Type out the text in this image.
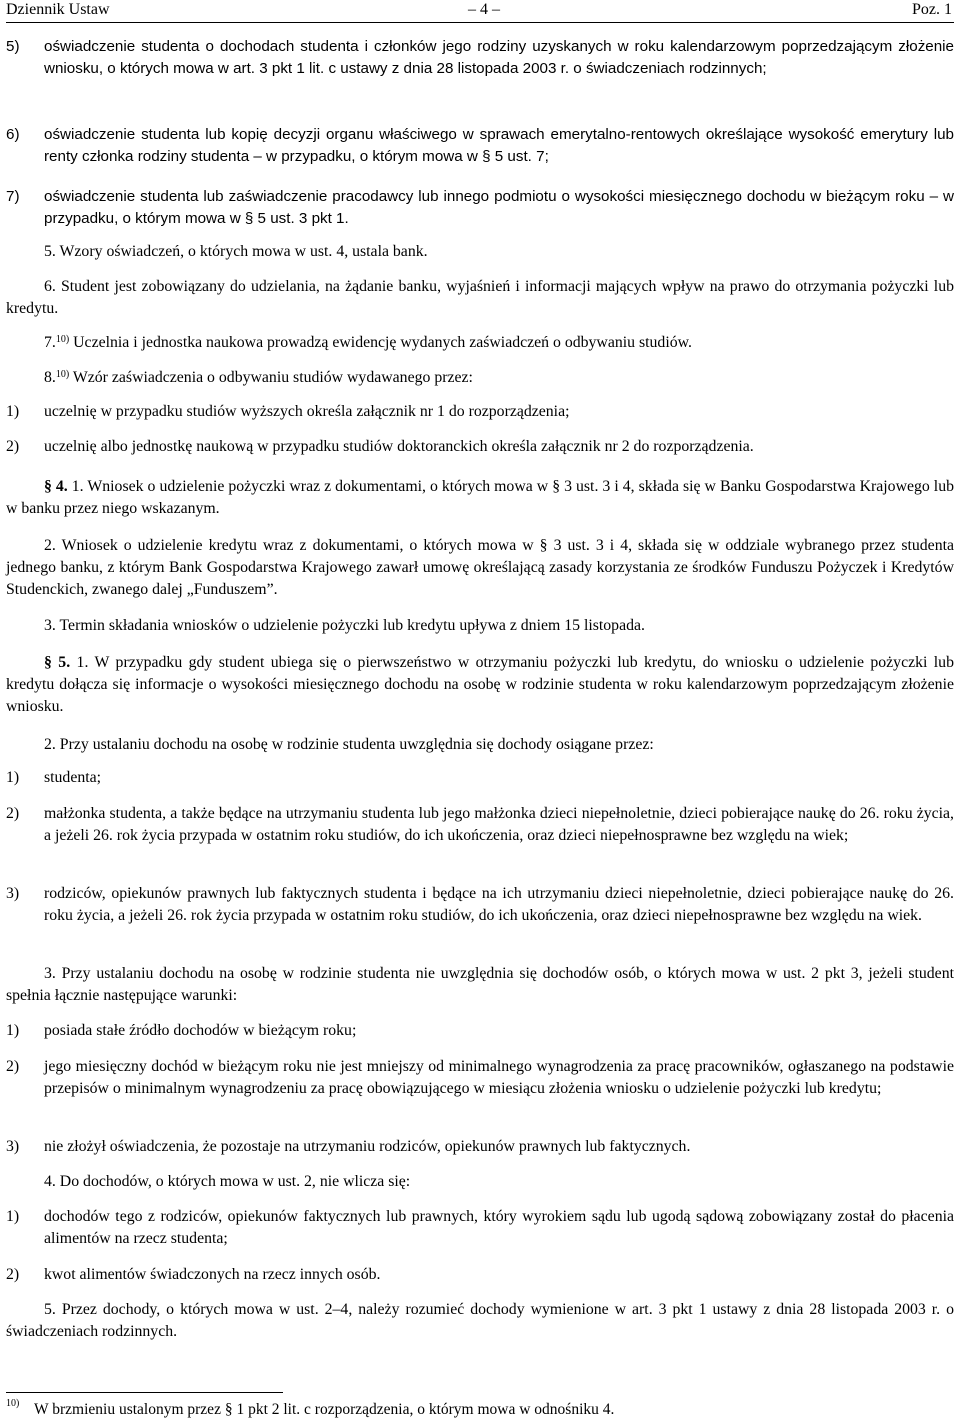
Dziennik Ustaw	– 4 –	Poz. 1
5) oświadczenie studenta o dochodach studenta i członków jego rodziny uzyskanych w roku kalendarzowym poprzedzającym złożenie wniosku, o których mowa w art. 3 pkt 1 lit. c ustawy z dnia 28 listopada 2003 r. o świadczeniach rodzinnych;
6) oświadczenie studenta lub kopię decyzji organu właściwego w sprawach emerytalno-rentowych określające wysokość emerytury lub renty członka rodziny studenta – w przypadku, o którym mowa w § 5 ust. 7;
7) oświadczenie studenta lub zaświadczenie pracodawcy lub innego podmiotu o wysokości miesięcznego dochodu w bieżącym roku – w przypadku, o którym mowa w § 5 ust. 3 pkt 1.
5. Wzory oświadczeń, o których mowa w ust. 4, ustala bank.
6. Student jest zobowiązany do udzielania, na żądanie banku, wyjaśnień i informacji mających wpływ na prawo do otrzymania pożyczki lub kredytu.
7.$^{10)}$ Uczelnia i jednostka naukowa prowadzą ewidencję wydanych zaświadczeń o odbywaniu studiów.
8.$^{10)}$ Wzór zaświadczenia o odbywaniu studiów wydawanego przez:
1) uczelnię w przypadku studiów wyższych określa załącznik nr 1 do rozporządzenia;
2) uczelnię albo jednostkę naukową w przypadku studiów doktoranckich określa załącznik nr 2 do rozporządzenia.
§ 4. 1. Wniosek o udzielenie pożyczki wraz z dokumentami, o których mowa w § 3 ust. 3 i 4, składa się w Banku Gospodarstwa Krajowego lub w banku przez niego wskazanym.
2. Wniosek o udzielenie kredytu wraz z dokumentami, o których mowa w § 3 ust. 3 i 4, składa się w oddziale wybranego przez studenta jednego banku, z którym Bank Gospodarstwa Krajowego zawarł umowę określającą zasady korzystania ze środków Funduszu Pożyczek i Kredytów Studenckich, zwanego dalej „Funduszem”.
3. Termin składania wniosków o udzielenie pożyczki lub kredytu upływa z dniem 15 listopada.
§ 5. 1. W przypadku gdy student ubiega się o pierwszeństwo w otrzymaniu pożyczki lub kredytu, do wniosku o udzielenie pożyczki lub kredytu dołącza się informacje o wysokości miesięcznego dochodu na osobę w rodzinie studenta w roku kalendarzowym poprzedzającym złożenie wniosku.
2. Przy ustalaniu dochodu na osobę w rodzinie studenta uwzględnia się dochody osiągane przez:
1) studenta;
2) małżonka studenta, a także będące na utrzymaniu studenta lub jego małżonka dzieci niepełnoletnie, dzieci pobierające naukę do 26. roku życia, a jeżeli 26. rok życia przypada w ostatnim roku studiów, do ich ukończenia, oraz dzieci niepełnosprawne bez względu na wiek;
3) rodziców, opiekunów prawnych lub faktycznych studenta i będące na ich utrzymaniu dzieci niepełnoletnie, dzieci pobierające naukę do 26. roku życia, a jeżeli 26. rok życia przypada w ostatnim roku studiów, do ich ukończenia, oraz dzieci niepełnosprawne bez względu na wiek.
3. Przy ustalaniu dochodu na osobę w rodzinie studenta nie uwzględnia się dochodów osób, o których mowa w ust. 2 pkt 3, jeżeli student spełnia łącznie następujące warunki:
1) posiada stałe źródło dochodów w bieżącym roku;
2) jego miesięczny dochód w bieżącym roku nie jest mniejszy od minimalnego wynagrodzenia za pracę pracowników, ogłaszanego na podstawie przepisów o minimalnym wynagrodzeniu za pracę obowiązującego w miesiącu złożenia wniosku o udzielenie pożyczki lub kredytu;
3) nie złożył oświadczenia, że pozostaje na utrzymaniu rodziców, opiekunów prawnych lub faktycznych.
4. Do dochodów, o których mowa w ust. 2, nie wlicza się:
1) dochodów tego z rodziców, opiekunów faktycznych lub prawnych, który wyrokiem sądu lub ugodą sądową zobowiązany został do płacenia alimentów na rzecz studenta;
2) kwot alimentów świadczonych na rzecz innych osób.
5. Przez dochody, o których mowa w ust. 2–4, należy rozumieć dochody wymienione w art. 3 pkt 1 ustawy z dnia 28 listopada 2003 r. o świadczeniach rodzinnych.
10) W brzmieniu ustalonym przez § 1 pkt 2 lit. c rozporządzenia, o którym mowa w odnośniku 4.
